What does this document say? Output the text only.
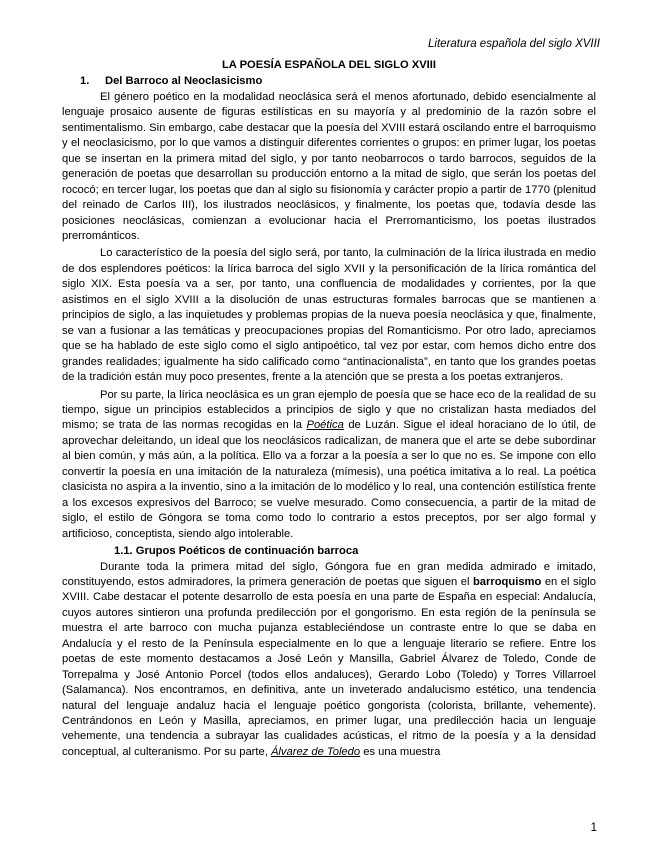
Literatura española del siglo XVIII
LA POESÍA ESPAÑOLA DEL SIGLO XVIII
1. Del Barroco al Neoclasicismo

El género poético en la modalidad neoclásica será el menos afortunado, debido esencialmente al lenguaje prosaico ausente de figuras estilísticas en su mayoría y al predominio de la razón sobre el sentimentalismo. Sin embargo, cabe destacar que la poesía del XVIII estará oscilando entre el barroquismo y el neoclasicismo, por lo que vamos a distinguir diferentes corrientes o grupos: en primer lugar, los poetas que se insertan en la primera mitad del siglo, y por tanto neobarrocos o tardo barrocos, seguidos de la generación de poetas que desarrollan su producción entorno a la mitad de siglo, que serán los poetas del rococó; en tercer lugar, los poetas que dan al siglo su fisionomía y carácter propio a partir de 1770 (plenitud del reinado de Carlos III), los ilustrados neoclásicos, y finalmente, los poetas que, todavía desde las posiciones neoclásicas, comienzan a evolucionar hacia el Prerromanticismo, los poetas ilustrados prerrománticos.

Lo característico de la poesía del siglo será, por tanto, la culminación de la lírica ilustrada en medio de dos esplendores poéticos: la lírica barroca del siglo XVII y la personificación de la lírica romántica del siglo XIX. Esta poesía va a ser, por tanto, una confluencia de modalidades y corrientes, por la que asistimos en el siglo XVIII a la disolución de unas estructuras formales barrocas que se mantienen a principios de siglo, a las inquietudes y problemas propias de la nueva poesía neoclásica y que, finalmente, se van a fusionar a las temáticas y preocupaciones propias del Romanticismo. Por otro lado, apreciamos que se ha hablado de este siglo como el siglo antipoético, tal vez por estar, com hemos dicho entre dos grandes realidades; igualmente ha sido calificado como “antinacionalista”, en tanto que los grandes poetas de la tradición están muy poco presentes, frente a la atención que se presta a los poetas extranjeros.

Por su parte, la lírica neoclásica es un gran ejemplo de poesía que se hace eco de la realidad de su tiempo, sigue un principios establecidos a principios de siglo y que no cristalizan hasta mediados del mismo; se trata de las normas recogidas en la Poética de Luzán. Sigue el ideal horaciano de lo útil, de aprovechar deleitando, un ideal que los neoclásicos radicalizan, de manera que el arte se debe subordinar al bien común, y más aún, a la política. Ello va a forzar a la poesía a ser lo que no es. Se impone con ello convertir la poesía en una imitación de la naturaleza (mímesis), una poética imitativa a lo real. La poética clasicista no aspira a la inventio, sino a la imitación de lo modélico y lo real, una contención estilística frente a los excesos expresivos del Barroco; se vuelve mesurado. Como consecuencia, a partir de la mitad de siglo, el estilo de Góngora se toma como todo lo contrario a estos preceptos, por ser algo formal y artificioso, conceptista, siendo algo intolerable.

1.1. Grupos Poéticos de continuación barroca

Durante toda la primera mitad del siglo, Góngora fue en gran medida admirado e imitado, constituyendo, estos admiradores, la primera generación de poetas que siguen el barroquismo en el siglo XVIII. Cabe destacar el potente desarrollo de esta poesía en una parte de España en especial: Andalucía, cuyos autores sintieron una profunda predilección por el gongorismo. En esta región de la península se muestra el arte barroco con mucha pujanza estableciéndose un contraste entre lo que se daba en Andalucía y el resto de la Península especialmente en lo que a lenguaje literario se refiere. Entre los poetas de este momento destacamos a José León y Mansilla, Gabriel Álvarez de Toledo, Conde de Torrepalma y José Antonio Porcel (todos ellos andaluces), Gerardo Lobo (Toledo) y Torres Villarroel (Salamanca). Nos encontramos, en definitiva, ante un inveterado andalucismo estético, una tendencia natural del lenguaje andaluz hacia el lenguaje poético gongorista (colorista, brillante, vehemente). Centrándonos en León y Masilla, apreciamos, en primer lugar, una predilección hacia un lenguaje vehemente, una tendencia a subrayar las cualidades acústicas, el ritmo de la poesía y a la densidad conceptual, al culteranismo. Por su parte, Álvarez de Toledo es una muestra

1
